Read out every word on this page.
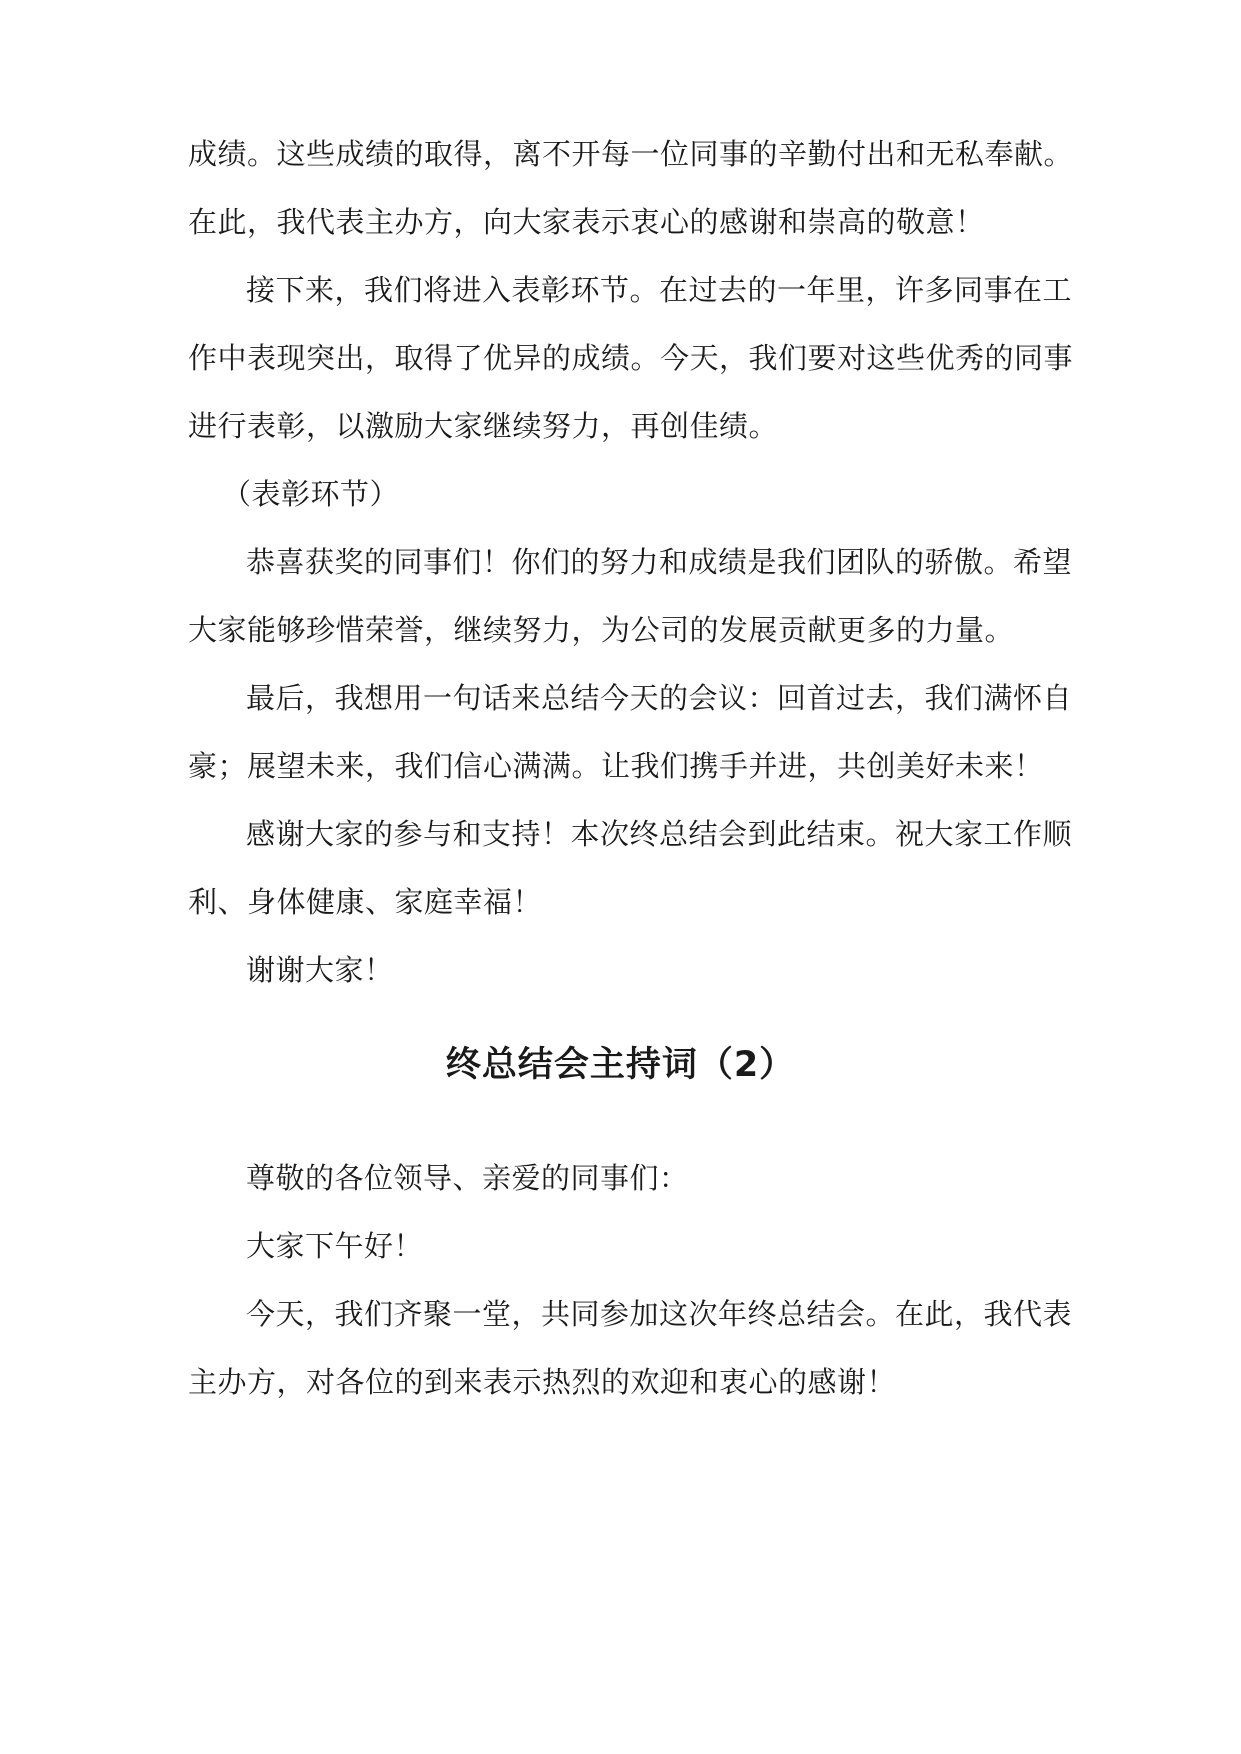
成绩。这些成绩的取得，离不开每一位同事的辛勤付出和无私奉献。
在此，我代表主办方，向大家表示衷心的感谢和崇高的敬意！
接下来，我们将进入表彰环节。在过去的一年里，许多同事在工
作中表现突出，取得了优异的成绩。今天，我们要对这些优秀的同事
进行表彰，以激励大家继续努力，再创佳绩。
（表彰环节）
恭喜获奖的同事们！你们的努力和成绩是我们团队的骄傲。希望
大家能够珍惜荣誉，继续努力，为公司的发展贡献更多的力量。
最后，我想用一句话来总结今天的会议：回首过去，我们满怀自
豪；展望未来，我们信心满满。让我们携手并进，共创美好未来！
感谢大家的参与和支持！本次终总结会到此结束。祝大家工作顺
利、身体健康、家庭幸福！
谢谢大家！
终总结会主持词（2）
尊敬的各位领导、亲爱的同事们：
大家下午好！
今天，我们齐聚一堂，共同参加这次年终总结会。在此，我代表
主办方，对各位的到来表示热烈的欢迎和衷心的感谢！
